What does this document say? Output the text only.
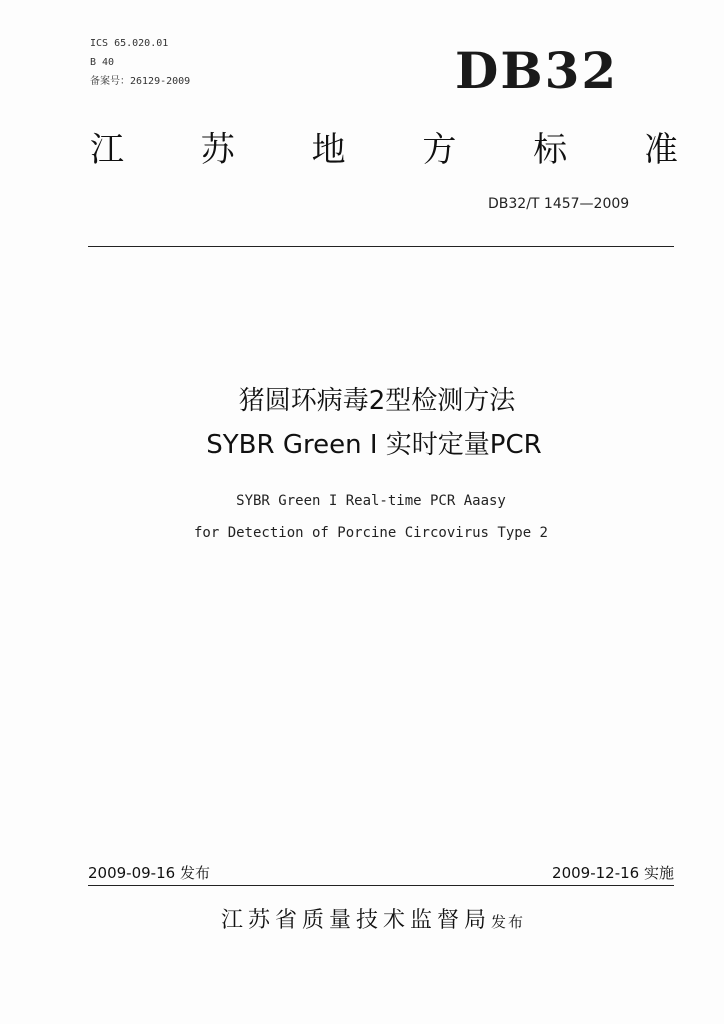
ICS 65.020.01
B 40
备案号：26129-2009	DB32
江 苏 地 方 标 准
DB32/T 1457—2009
猪圆环病毒2型检测方法
SYBR Green Ⅰ 实时定量PCR
SYBR Green I Real-time PCR Aaasy
for Detection of Porcine Circovirus Type 2
2009-09-16 发布	2009-12-16 实施
江苏省质量技术监督局发布
